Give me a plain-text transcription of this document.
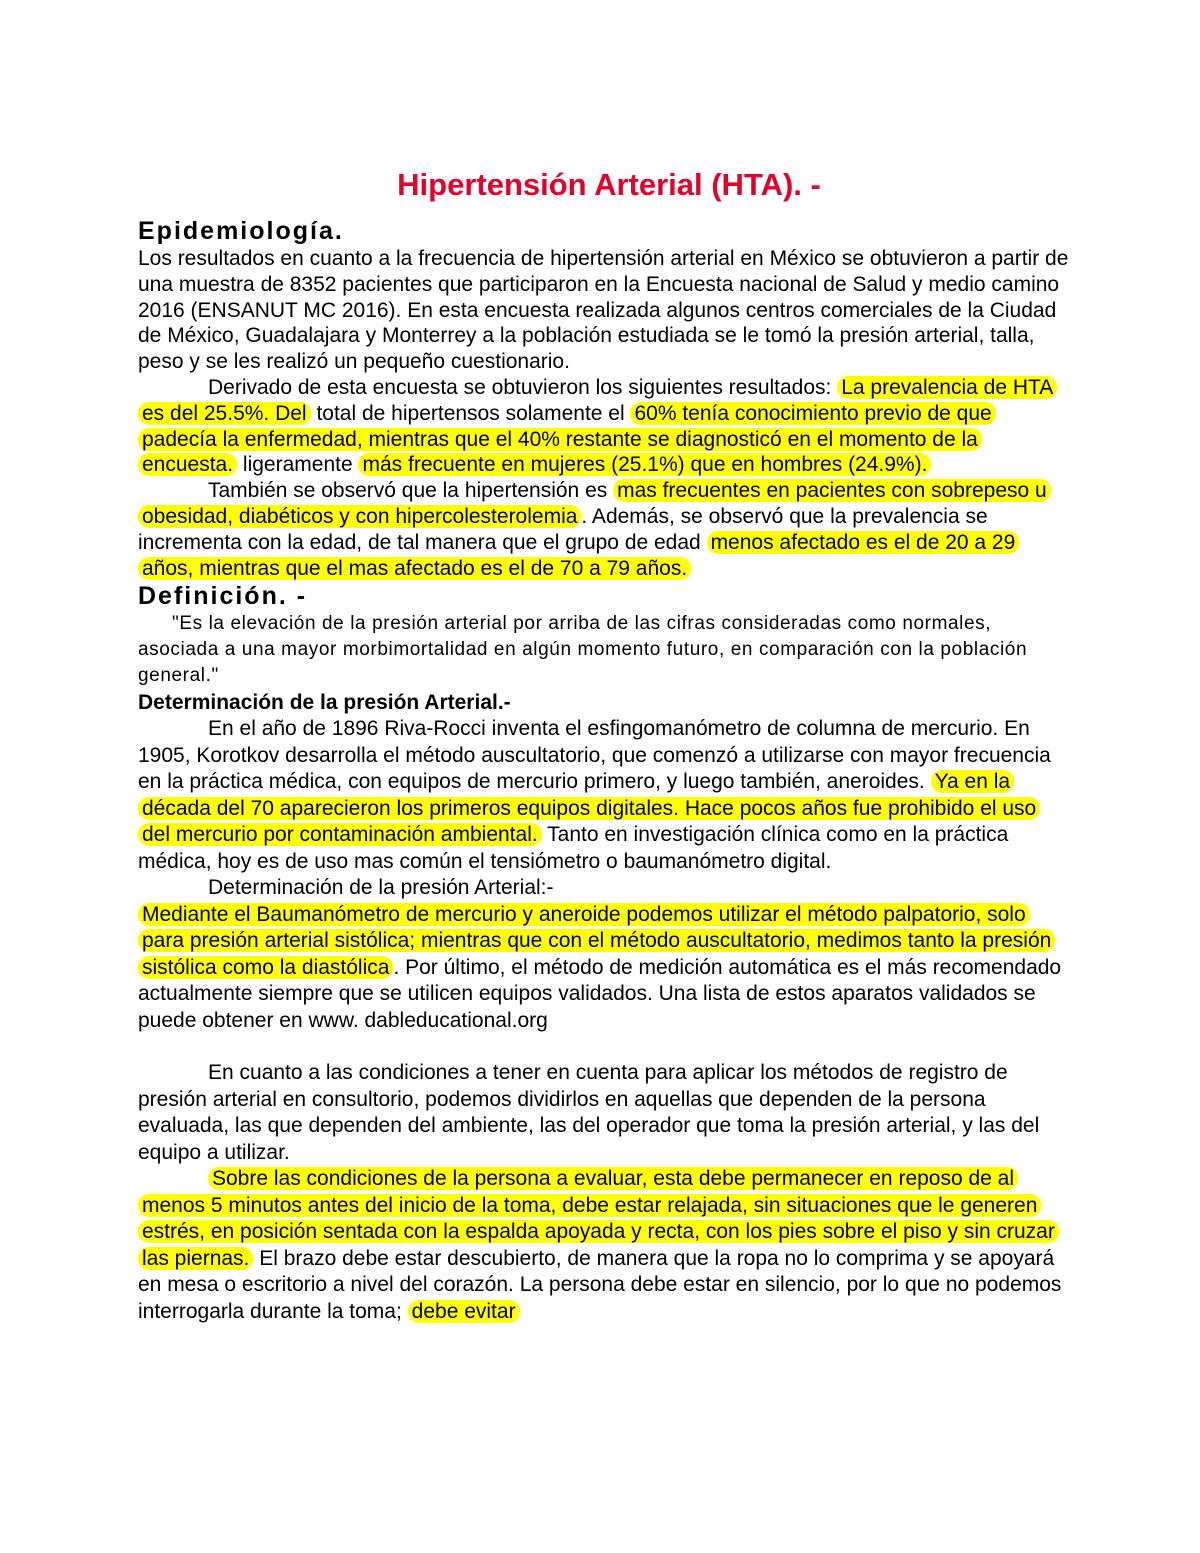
Hipertensión Arterial (HTA). -
Epidemiología.

Los resultados en cuanto a la frecuencia de hipertensión arterial en México se obtuvieron a partir de una muestra de 8352 pacientes que participaron en la Encuesta nacional de Salud y medio camino 2016 (ENSANUT MC 2016). En esta encuesta realizada algunos centros comerciales de la Ciudad de México, Guadalajara y Monterrey a la población estudiada se le tomó la presión arterial, talla, peso y se les realizó un pequeño cuestionario.

Derivado de esta encuesta se obtuvieron los siguientes resultados: La prevalencia de HTA es del 25.5%. Del total de hipertensos solamente el 60% tenía conocimiento previo de que padecía la enfermedad, mientras que el 40% restante se diagnosticó en el momento de la encuesta. ligeramente más frecuente en mujeres (25.1%) que en hombres (24.9%).

También se observó que la hipertensión es mas frecuentes en pacientes con sobrepeso u obesidad, diabéticos y con hipercolesterolemia . Además, se observó que la prevalencia se incrementa con la edad, de tal manera que el grupo de edad menos afectado es el de 20 a 29 años, mientras que el mas afectado es el de 70 a 79 años.

Definición. -

"Es la elevación de la presión arterial por arriba de las cifras consideradas como normales, asociada a una mayor morbimortalidad en algún momento futuro, en comparación con la población general."

Determinación de la presión Arterial.-

En el año de 1896 Riva-Rocci inventa el esfingomanómetro de columna de mercurio. En 1905, Korotkov desarrolla el método auscultatorio, que comenzó a utilizarse con mayor frecuencia en la práctica médica, con equipos de mercurio primero, y luego también, aneroides. Ya en la década del 70 aparecieron los primeros equipos digitales. Hace pocos años fue prohibido el uso del mercurio por contaminación ambiental. Tanto en investigación clínica como en la práctica médica, hoy es de uso mas común el tensiómetro o baumanómetro digital.

Determinación de la presión Arterial:-

Mediante el Baumanómetro de mercurio y aneroide podemos utilizar el método palpatorio, solo para presión arterial sistólica; mientras que con el método auscultatorio, medimos tanto la presión sistólica como la diastólica . Por último, el método de medición automática es el más recomendado actualmente siempre que se utilicen equipos validados. Una lista de estos aparatos validados se puede obtener en www. dableducational.org

En cuanto a las condiciones a tener en cuenta para aplicar los métodos de registro de presión arterial en consultorio, podemos dividirlos en aquellas que dependen de la persona evaluada, las que dependen del ambiente, las del operador que toma la presión arterial, y las del equipo a utilizar.

Sobre las condiciones de la persona a evaluar, esta debe permanecer en reposo de al menos 5 minutos antes del inicio de la toma, debe estar relajada, sin situaciones que le generen estrés, en posición sentada con la espalda apoyada y recta, con los pies sobre el piso y sin cruzar las piernas. El brazo debe estar descubierto, de manera que la ropa no lo comprima y se apoyará en mesa o escritorio a nivel del corazón. La persona debe estar en silencio, por lo que no podemos interrogarla durante la toma; debe evitar
